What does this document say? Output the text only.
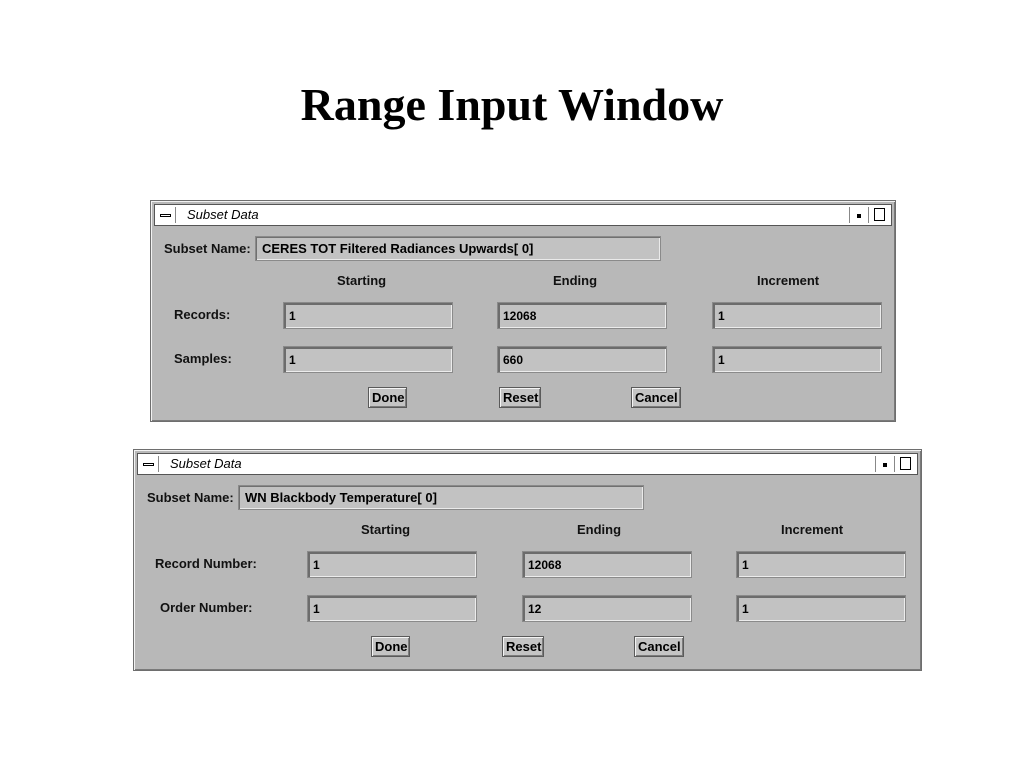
Range Input Window
Subset Data
Subset Name: CERES TOT Filtered Radiances Upwards[ 0]
Starting	Ending	Increment
Records:	1	12068	1
Samples:	1	660	1
Done	Reset	Cancel
Subset Data
Subset Name: WN Blackbody Temperature[ 0]
Starting	Ending	Increment
Record Number:	1	12068	1
Order Number:	1	12	1
Done	Reset	Cancel
